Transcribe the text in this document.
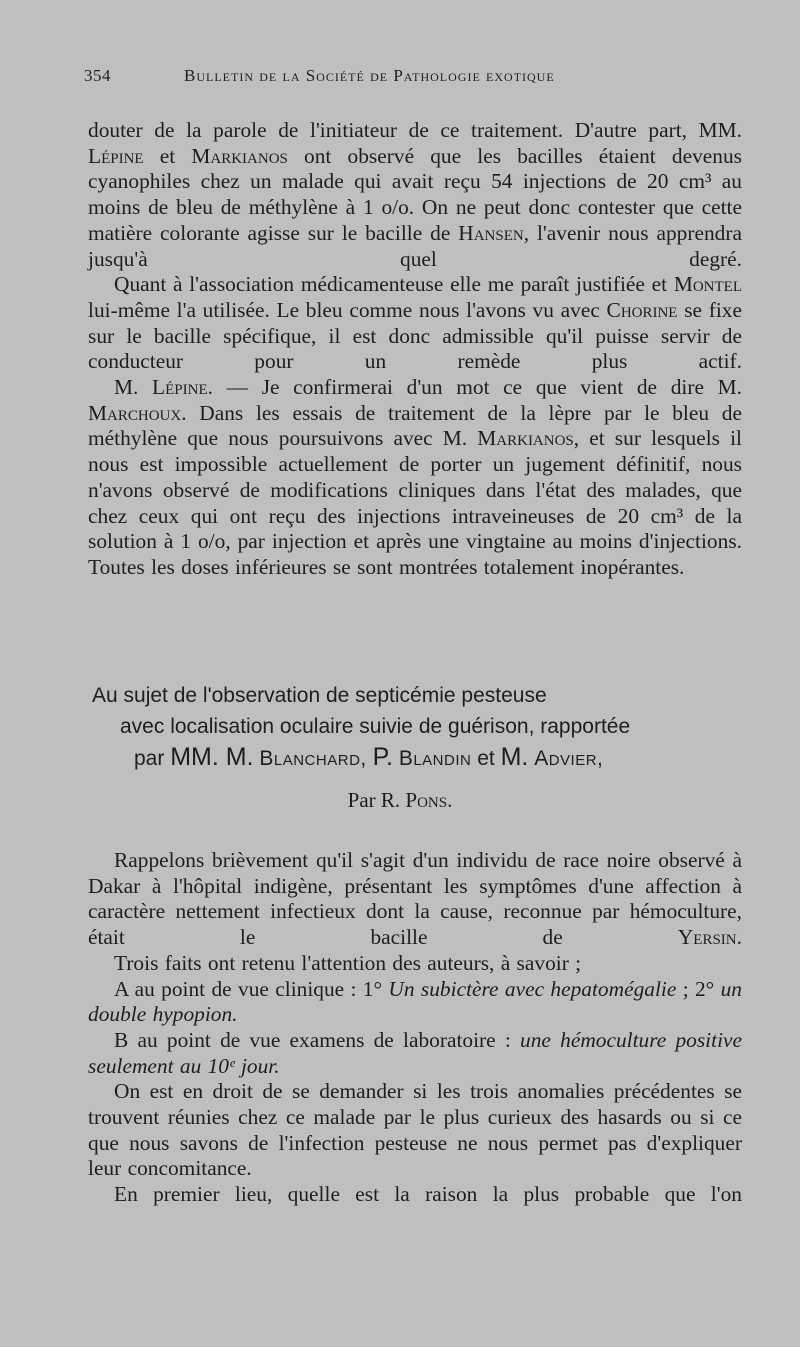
354	Bulletin de la Société de Pathologie exotique

douter de la parole de l'initiateur de ce traitement. D'autre part, MM. Lépine et Markianos ont observé que les bacilles étaient devenus cyanophiles chez un malade qui avait reçu 54 injections de 20 cm³ au moins de bleu de méthylène à 1 o/o. On ne peut donc contester que cette matière colorante agisse sur le bacille de Hansen, l'avenir nous apprendra jusqu'à quel degré.

Quant à l'association médicamenteuse elle me paraît justifiée et Montel lui-même l'a utilisée. Le bleu comme nous l'avons vu avec Chorine se fixe sur le bacille spécifique, il est donc admissible qu'il puisse servir de conducteur pour un remède plus actif.

M. Lépine. — Je confirmerai d'un mot ce que vient de dire M. Marchoux. Dans les essais de traitement de la lèpre par le bleu de méthylène que nous poursuivons avec M. Markianos, et sur lesquels il nous est impossible actuellement de porter un jugement définitif, nous n'avons observé de modifications cliniques dans l'état des malades, que chez ceux qui ont reçu des injections intraveineuses de 20 cm³ de la solution à 1 o/o, par injection et après une vingtaine au moins d'injections. Toutes les doses inférieures se sont montrées totalement inopérantes.

Au sujet de l'observation de septicémie pesteuse
avec localisation oculaire suivie de guérison, rapportée
par MM. M. Blanchard, P. Blandin et M. Advier,
Par R. Pons.

Rappelons brièvement qu'il s'agit d'un individu de race noire observé à Dakar à l'hôpital indigène, présentant les symptômes d'une affection à caractère nettement infectieux dont la cause, reconnue par hémoculture, était le bacille de Yersin.

Trois faits ont retenu l'attention des auteurs, à savoir ;

A au point de vue clinique : 1° Un subictère avec hepatomégalie ; 2° un double hypopion.

B au point de vue examens de laboratoire : une hémoculture positive seulement au 10ᵉ jour.

On est en droit de se demander si les trois anomalies précédentes se trouvent réunies chez ce malade par le plus curieux des hasards ou si ce que nous savons de l'infection pesteuse ne nous permet pas d'expliquer leur concomitance.

En premier lieu, quelle est la raison la plus probable que l'on
